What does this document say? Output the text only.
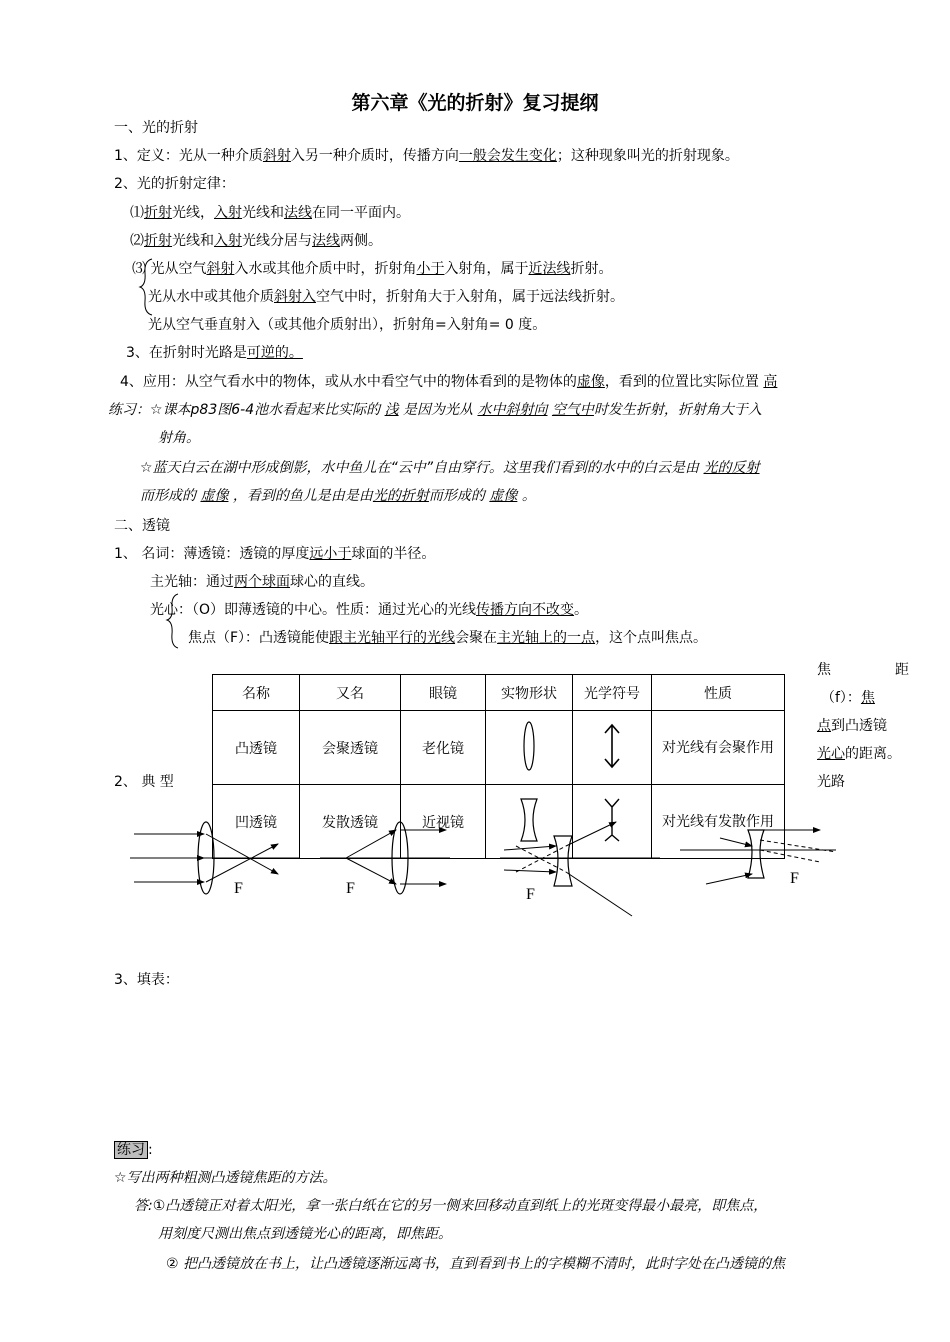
第六章《光的折射》复习提纲
一、光的折射
1、定义：光从一种介质斜射入另一种介质时，传播方向一般会发生变化；这种现象叫光的折射现象。
2、光的折射定律：
⑴折射光线，入射光线和法线在同一平面内。
⑵折射光线和入射光线分居与法线两侧。
⑶ 光从空气斜射入水或其他介质中时，折射角小于入射角，属于近法线折射。
光从水中或其他介质斜射入空气中时，折射角大于入射角，属于远法线折射。
光从空气垂直射入（或其他介质射出），折射角=入射角= 0 度。
3、在折射时光路是可逆的。
4、应用：从空气看水中的物体，或从水中看空气中的物体看到的是物体的虚像，看到的位置比实际位置 高
练习：☆课本p83图6-4池水看起来比实际的 浅 是因为光从 水中斜射向 空气中时发生折射，折射角大于入
射角。
☆蓝天白云在湖中形成倒影，水中鱼儿在“云中”自由穿行。这里我们看到的水中的白云是由 光的反射
而形成的 虚像 ，看到的鱼儿是由是由光的折射而形成的 虚像 。
二、透镜
1、 名词：薄透镜：透镜的厚度远小于球面的半径。
主光轴：通过两个球面球心的直线。
光心：（O）即薄透镜的中心。性质：通过光心的光线传播方向不改变。
焦点（F）：凸透镜能使跟主光轴平行的光线会聚在主光轴上的一点，这个点叫焦点。
焦	距
（f）：焦
点到凸透镜
光心的距离。
光路
2、 典 型
名称	又名	眼镜	实物形状	光学符号	性质
凸透镜	会聚透镜	老化镜			对光线有会聚作用
凹透镜	发散透镜	近视镜			对光线有发散作用
F	F	F
F
3、填表：
练习 :
☆写出两种粗测凸透镜焦距的方法。
答:①凸透镜正对着太阳光，拿一张白纸在它的另一侧来回移动直到纸上的光斑变得最小最亮，即焦点，
用刻度尺测出焦点到透镜光心的距离，即焦距。
② 把凸透镜放在书上，让凸透镜逐渐远离书，直到看到书上的字模糊不清时，此时字处在凸透镜的焦
